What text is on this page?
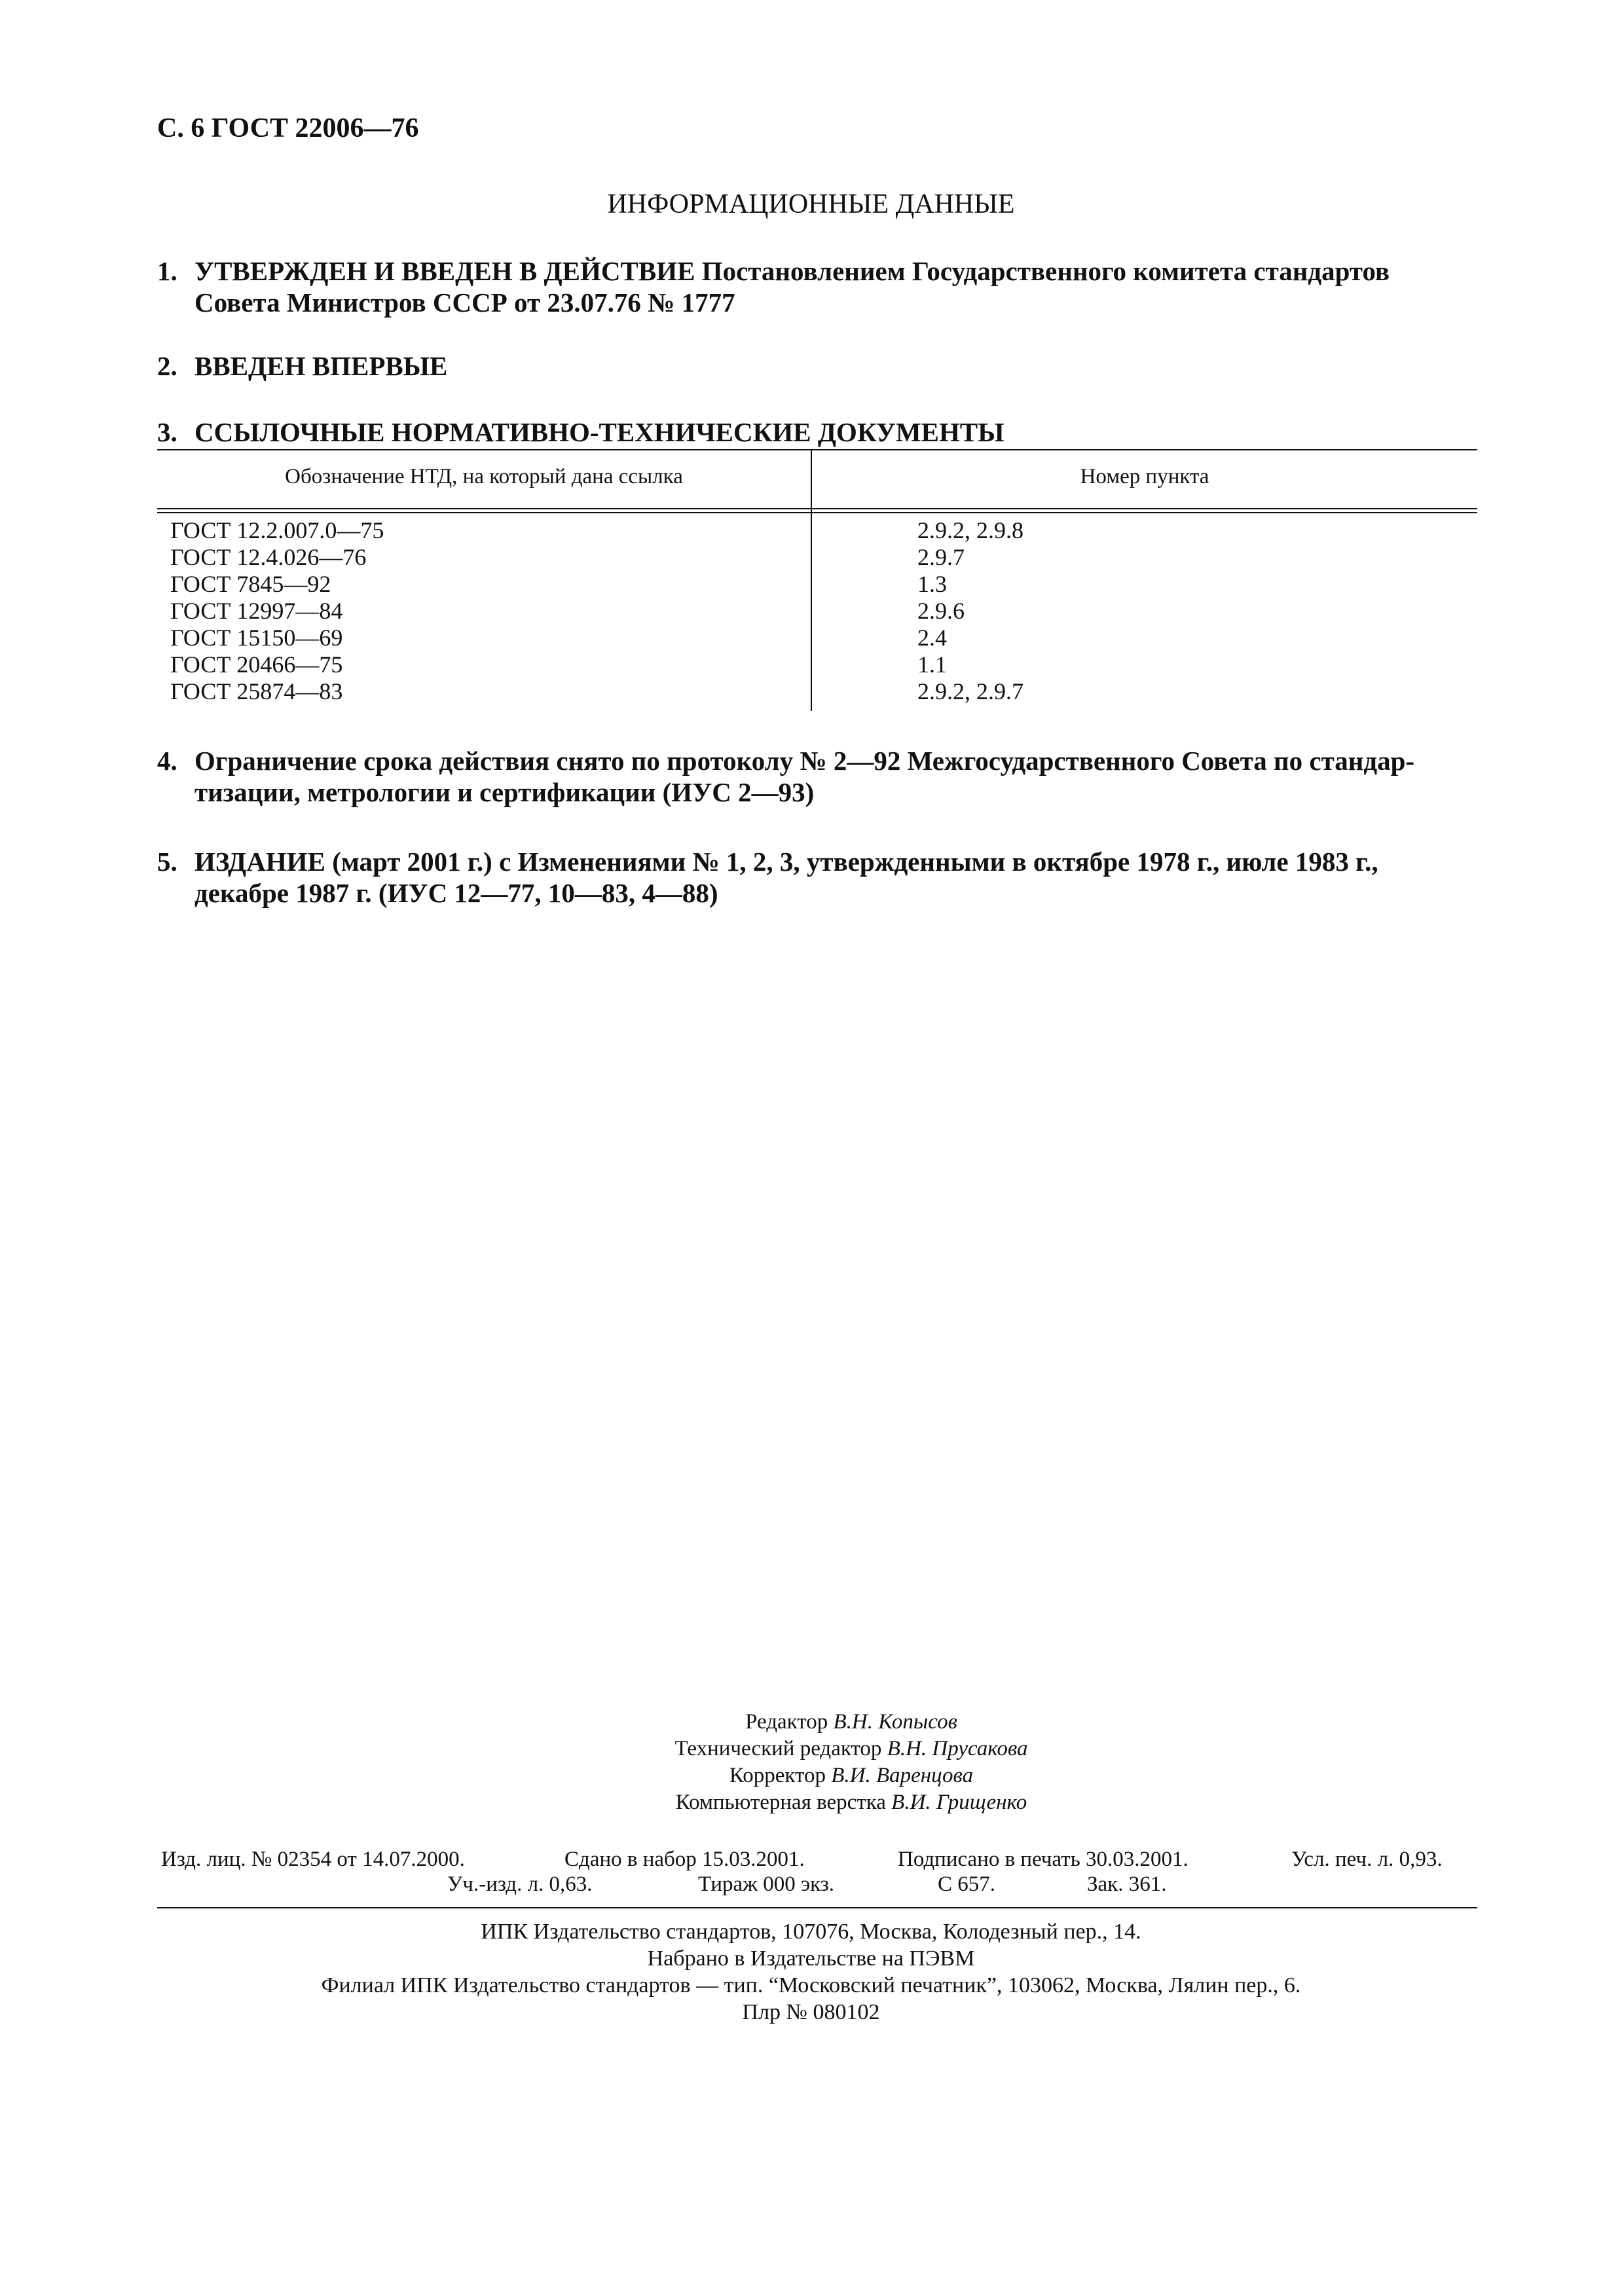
С. 6 ГОСТ 22006—76
ИНФОРМАЦИОННЫЕ ДАННЫЕ
1. УТВЕРЖДЕН И ВВЕДЕН В ДЕЙСТВИЕ Постановлением Государственного комитета стандартов
Совета Министров СССР от 23.07.76 № 1777
2. ВВЕДЕН ВПЕРВЫЕ
3. ССЫЛОЧНЫЕ НОРМАТИВНО-ТЕХНИЧЕСКИЕ ДОКУМЕНТЫ
Обозначение НТД, на который дана ссылка	Номер пункта
ГОСТ 12.2.007.0—75	2.9.2, 2.9.8
ГОСТ 12.4.026—76	2.9.7
ГОСТ 7845—92	1.3
ГОСТ 12997—84	2.9.6
ГОСТ 15150—69	2.4
ГОСТ 20466—75	1.1
ГОСТ 25874—83	2.9.2, 2.9.7
4. Ограничение срока действия снято по протоколу № 2—92 Межгосударственного Совета по стандар-
тизации, метрологии и сертификации (ИУС 2—93)
5. ИЗДАНИЕ (март 2001 г.) с Изменениями № 1, 2, 3, утвержденными в октябре 1978 г., июле 1983 г.,
декабре 1987 г. (ИУС 12—77, 10—83, 4—88)
Редактор В.Н. Копысов
Технический редактор В.Н. Прусакова
Корректор В.И. Варенцова
Компьютерная верстка В.И. Грищенко
Изд. лиц. № 02354 от 14.07.2000.	Сдано в набор 15.03.2001.	Подписано в печать 30.03.2001.	Усл. печ. л. 0,93.
Уч.-изд. л. 0,63.	Тираж 000 экз.	С 657.	Зак. 361.
ИПК Издательство стандартов, 107076, Москва, Колодезный пер., 14.
Набрано в Издательстве на ПЭВМ
Филиал ИПК Издательство стандартов — тип. “Московский печатник”, 103062, Москва, Лялин пер., 6.
Плр № 080102
